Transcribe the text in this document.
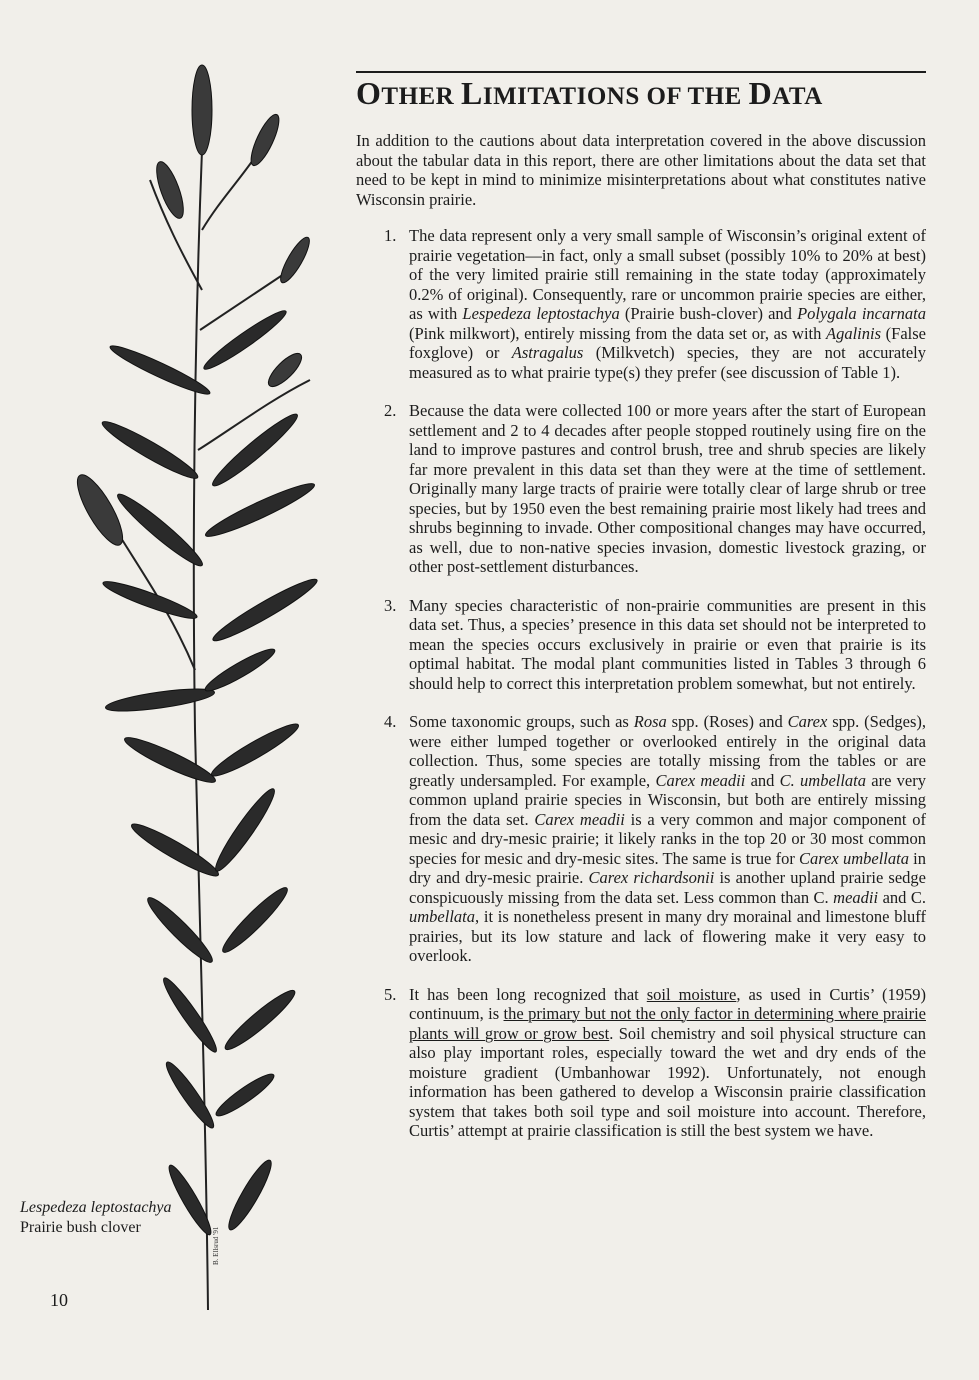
B. Ellsrud '91
Lespedeza leptostachya
Prairie bush clover
10
OTHER LIMITATIONS OF THE DATA

In addition to the cautions about data interpretation covered in the above discussion about the tabular data in this report, there are other limitations about the data set that need to be kept in mind to minimize misinterpretations about what constitutes native Wisconsin prairie.

1. The data represent only a very small sample of Wisconsin’s original extent of prairie vegetation—in fact, only a small subset (possibly 10% to 20% at best) of the very limited prairie still remaining in the state today (approximately 0.2% of original). Consequently, rare or uncommon prairie species are either, as with Lespedeza leptostachya (Prairie bush-clover) and Polygala incarnata (Pink milkwort), entirely missing from the data set or, as with Agalinis (False foxglove) or Astragalus (Milkvetch) species, they are not accurately measured as to what prairie type(s) they prefer (see discussion of Table 1).
2. Because the data were collected 100 or more years after the start of European settlement and 2 to 4 decades after people stopped routinely using fire on the land to improve pastures and control brush, tree and shrub species are likely far more prevalent in this data set than they were at the time of settlement. Originally many large tracts of prairie were totally clear of large shrub or tree species, but by 1950 even the best remaining prairie most likely had trees and shrubs beginning to invade. Other compositional changes may have occurred, as well, due to non-native species invasion, domestic livestock grazing, or other post-settlement disturbances.
3. Many species characteristic of non-prairie communities are present in this data set. Thus, a species’ presence in this data set should not be interpreted to mean the species occurs exclusively in prairie or even that prairie is its optimal habitat. The modal plant communities listed in Tables 3 through 6 should help to correct this interpretation problem somewhat, but not entirely.
4. Some taxonomic groups, such as Rosa spp. (Roses) and Carex spp. (Sedges), were either lumped together or overlooked entirely in the original data collection. Thus, some species are totally missing from the tables or are greatly undersampled. For example, Carex meadii and C. umbellata are very common upland prairie species in Wisconsin, but both are entirely missing from the data set. Carex meadii is a very common and major component of mesic and dry-mesic prairie; it likely ranks in the top 20 or 30 most common species for mesic and dry-mesic sites. The same is true for Carex umbellata in dry and dry-mesic prairie. Carex richardsonii is another upland prairie sedge conspicuously missing from the data set. Less common than C. meadii and C. umbellata, it is nonetheless present in many dry morainal and limestone bluff prairies, but its low stature and lack of flowering make it very easy to overlook.
5. It has been long recognized that soil moisture, as used in Curtis’ (1959) continuum, is the primary but not the only factor in determining where prairie plants will grow or grow best. Soil chemistry and soil physical structure can also play important roles, especially toward the wet and dry ends of the moisture gradient (Umbanhowar 1992). Unfortunately, not enough information has been gathered to develop a Wisconsin prairie classification system that takes both soil type and soil moisture into account. Therefore, Curtis’ attempt at prairie classification is still the best system we have.
